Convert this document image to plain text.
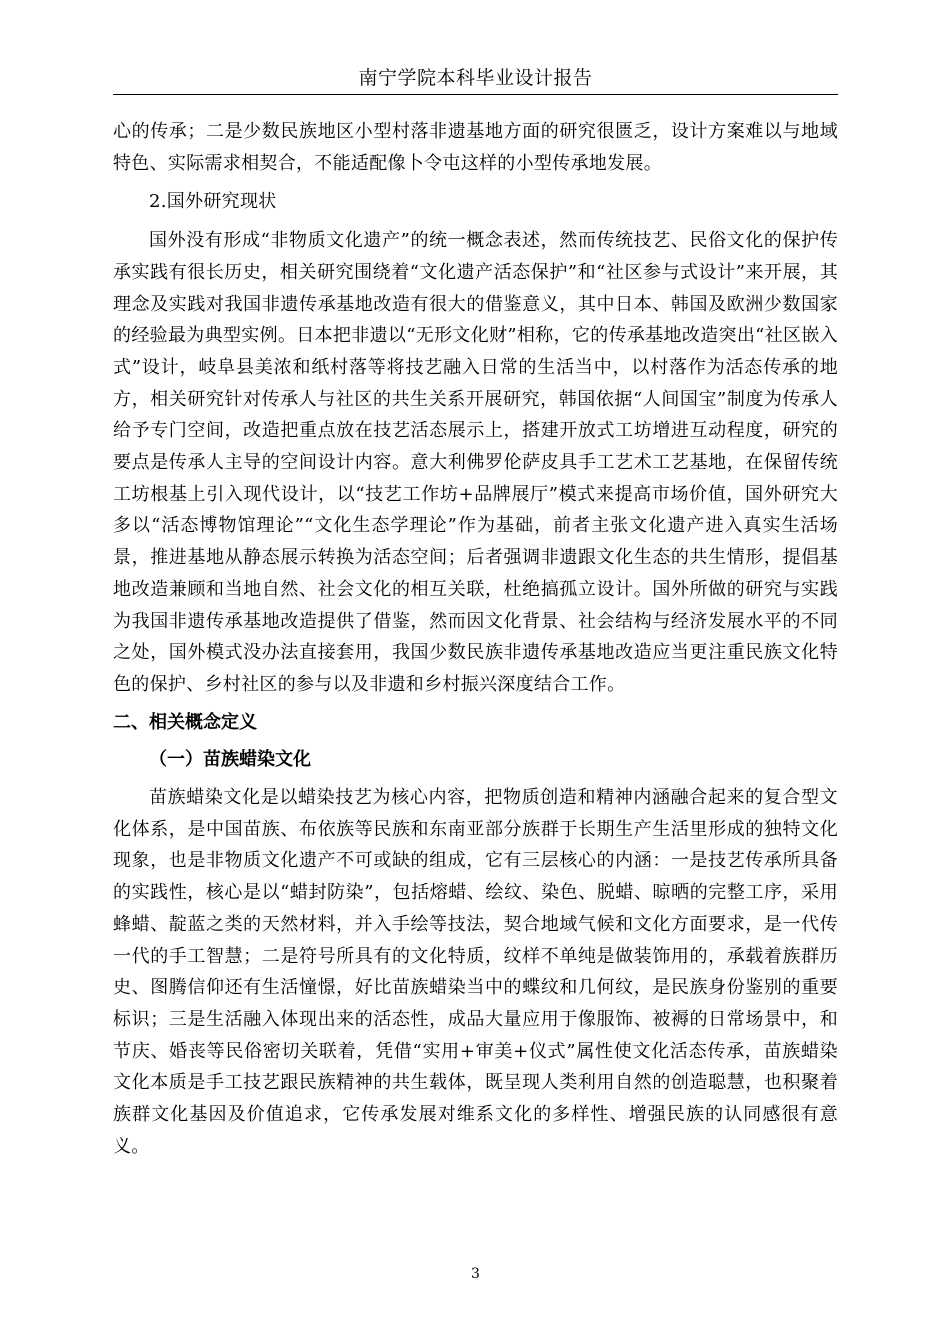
南宁学院本科毕业设计报告

心的传承；二是少数民族地区小型村落非遗基地方面的研究很匮乏，设计方案难以与地域特色、实际需求相契合，不能适配像卜令屯这样的小型传承地发展。

2.国外研究现状

国外没有形成“非物质文化遗产”的统一概念表述，然而传统技艺、民俗文化的保护传承实践有很长历史，相关研究围绕着“文化遗产活态保护”和“社区参与式设计”来开展，其理念及实践对我国非遗传承基地改造有很大的借鉴意义，其中日本、韩国及欧洲少数国家的经验最为典型实例。日本把非遗以“无形文化财”相称，它的传承基地改造突出“社区嵌入式”设计，岐阜县美浓和纸村落等将技艺融入日常的生活当中，以村落作为活态传承的地方，相关研究针对传承人与社区的共生关系开展研究，韩国依据“人间国宝”制度为传承人给予专门空间，改造把重点放在技艺活态展示上，搭建开放式工坊增进互动程度，研究的要点是传承人主导的空间设计内容。意大利佛罗伦萨皮具手工艺术工艺基地，在保留传统工坊根基上引入现代设计，以“技艺工作坊+品牌展厅”模式来提高市场价值，国外研究大多以“活态博物馆理论”“文化生态学理论”作为基础，前者主张文化遗产进入真实生活场景，推进基地从静态展示转换为活态空间；后者强调非遗跟文化生态的共生情形，提倡基地改造兼顾和当地自然、社会文化的相互关联，杜绝搞孤立设计。国外所做的研究与实践为我国非遗传承基地改造提供了借鉴，然而因文化背景、社会结构与经济发展水平的不同之处，国外模式没办法直接套用，我国少数民族非遗传承基地改造应当更注重民族文化特色的保护、乡村社区的参与以及非遗和乡村振兴深度结合工作。

二、相关概念定义
（一）苗族蜡染文化

苗族蜡染文化是以蜡染技艺为核心内容，把物质创造和精神内涵融合起来的复合型文化体系，是中国苗族、布依族等民族和东南亚部分族群于长期生产生活里形成的独特文化现象，也是非物质文化遗产不可或缺的组成，它有三层核心的内涵：一是技艺传承所具备的实践性，核心是以“蜡封防染”，包括熔蜡、绘纹、染色、脱蜡、晾晒的完整工序，采用蜂蜡、靛蓝之类的天然材料，并入手绘等技法，契合地域气候和文化方面要求，是一代传一代的手工智慧；二是符号所具有的文化特质，纹样不单纯是做装饰用的，承载着族群历史、图腾信仰还有生活憧憬，好比苗族蜡染当中的蝶纹和几何纹，是民族身份鉴别的重要标识；三是生活融入体现出来的活态性，成品大量应用于像服饰、被褥的日常场景中，和节庆、婚丧等民俗密切关联着，凭借“实用+审美+仪式”属性使文化活态传承，苗族蜡染文化本质是手工技艺跟民族精神的共生载体，既呈现人类利用自然的创造聪慧，也积聚着族群文化基因及价值追求，它传承发展对维系文化的多样性、增强民族的认同感很有意义。

3
